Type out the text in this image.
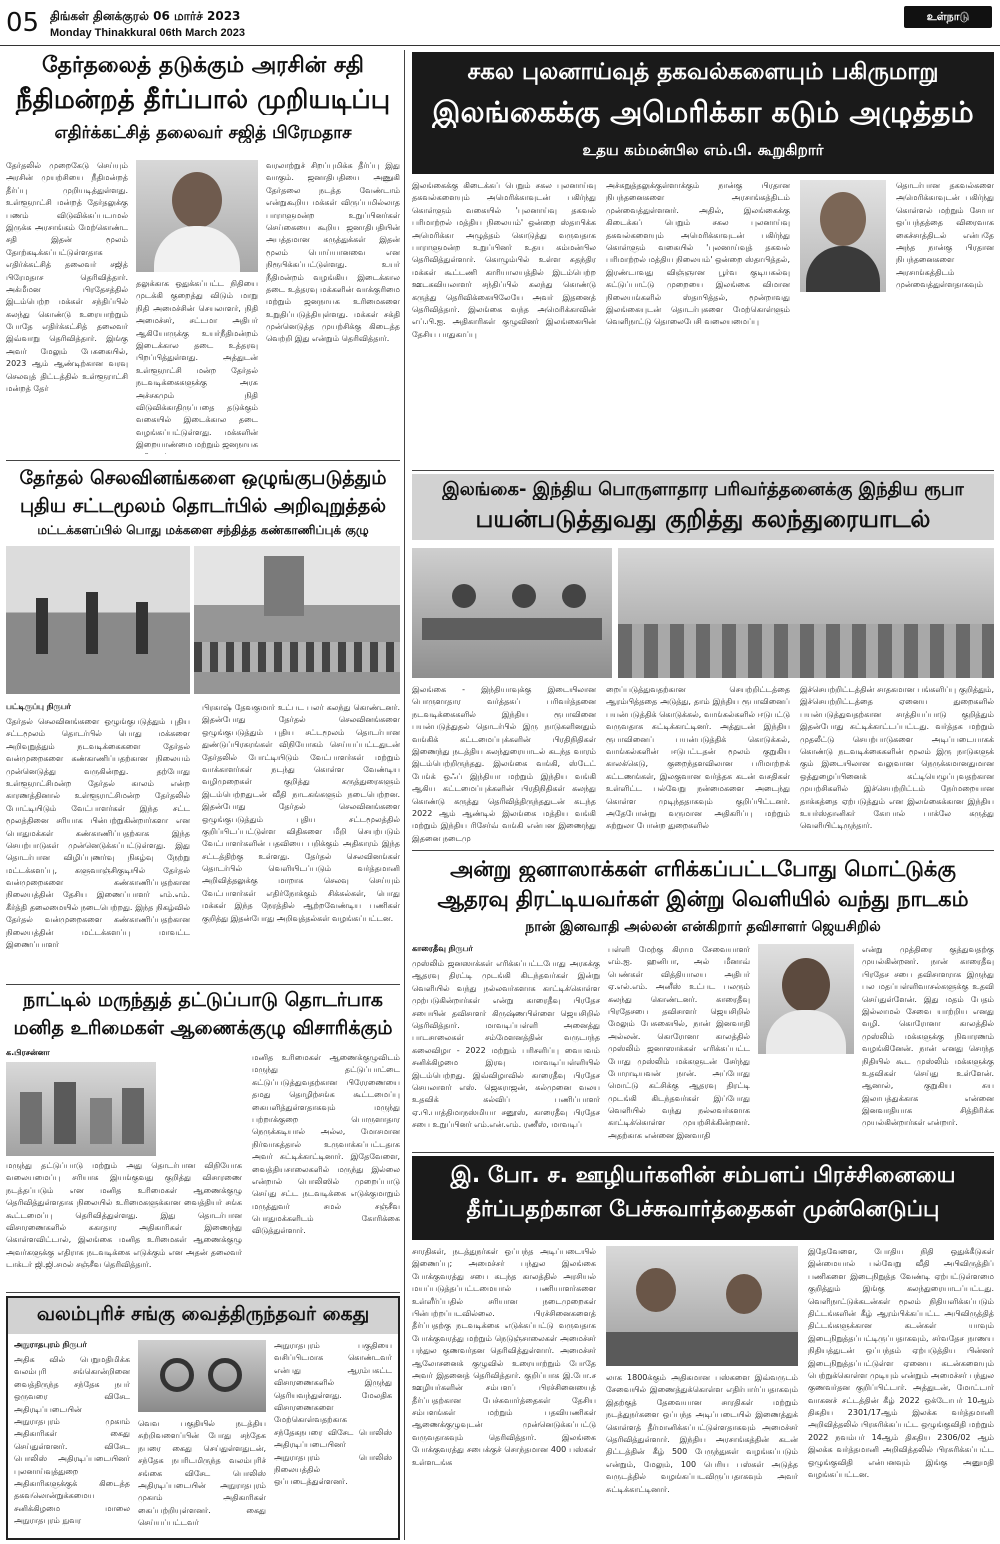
05 திங்கள் தினக்குரல் 06 மார்ச் 2023
Monday Thinakkural 06th March 2023
உள்நாடு
தேர்தலைத் தடுக்கும் அரசின் சதி
நீதிமன்றத் தீர்ப்பால் முறியடிப்பு
எதிர்க்கட்சித் தலைவர் சஜித் பிரேமதாச
தேர்தலில் முறைகேடு செய்யும் அரசின் முயற்சியை நீதிமன்றத் தீர்ப்பு முறியடித்துள்ளது. உள்ளூராட்சி மன்றத் தேர்தலுக்கு பணம் விடுவிக்கப்படாமல் இருக்க அரசாங்கம் மேற்கொண்ட சதி இதன் மூலம் தோற்கடிக்கப்பட்டுள்ளதாக எதிர்க்கட்சித் தலைவர் சஜித் பிரேமதாச தெரிவித்தார். அக்மீமன பிரதேசத்தில் இடம்பெற்ற மக்கள் சந்திப்பில் கலந்து கொண்டு உரையாற்றும் போதே எதிர்க்கட்சித் தலைவர் இவ்வாறு தெரிவித்தார். இங்கு அவர் மேலும் பேசுகையில், 2023 ஆம் ஆண்டிற்கான வரவு செலவுத் திட்டத்தில் உள்ளூராட்சி மன்றத் தேர்
தலுக்காக ஒதுக்கப்பட்ட நிதியை முடக்கி குறைத்து விடும் மாறு நிதி அமைச்சின் செயலாளர், நிதி அமைச்சர், சட்டமா அதிபர் ஆகியோருக்கு உயர்நீதிமன்றம் இடைக்கால தடை உத்தரவு பிறப்பித்துள்ளது. அத்துடன் உள்ளூராட்சி மன்ற தேர்தல் நடவடிக்கைகளுக்கு அரசு அச்சகமும் நிதி விடுவிக்காதிருப்பதை தடுக்கும் வகையில் இடைக்கால தடை வழங்கப்பட்டுள்ளது. மக்களின் இறையாண்மை மற்றும் ஜனநாயக
வரலாற்றுச் சிறப்புமிக்க தீர்ப்பு இது வாகும். ஜனாதிபதியை அணுகி தேர்தலை நடத்த வேண்டாம் என்றுகூறிய மக்கள் விருப்பமில்லாத பாராளுமன்ற உறுப்பினர்கள் செய்கையை கூறிய ஜனாதிபதியின் அபத்தமான கருத்துக்கள் இதன் மூலம் பொய்யானவை என நிரூபிக்கப்பட்டுள்ளது. உயர் நீதிமன்றம் வழங்கிய இடைக்கால தடை உத்தரவு மக்களின் வாக்குரிமை மற்றும் ஜனநாயக உரிமைகளை உறுதிப்படுத்தியுள்ளது. மக்கள் சக்தி முன்னெடுத்த முயற்சிக்கு கிடைத்த வெற்றி இது என்றும் தெரிவித்தார்.
சகல புலனாய்வுத் தகவல்களையும் பகிருமாறு
இலங்கைக்கு அமெரிக்கா கடும் அழுத்தம்
உதய கம்மன்பில எம்.பி. கூறுகிறார்
இலங்கைக்கு கிடைக்கப் பெறும் சகல புலனாய்வு தகவல்களையும் அமெரிக்காவுடன் பகிர்ந்து கொள்ளும் வகையில் 'புலனாய்வு தகவல் பரிமாற்றல் மத்திய நிலையம்' ஒன்றை ஸ்தாபிக்க அமெரிக்கா அழுத்தம் கொடுத்து வருவதாக பாராளுமன்ற உறுப்பினர் உதய கம்மன்பில தெரிவித்துள்ளார். கொழும்பில் உள்ள சுதந்திர மக்கள் கூட்டணி காரியாலயத்தில் இடம்பெற்ற ஊடகவியலாளர் சந்திப்பில் கலந்து கொண்டு கருத்து தெரிவிக்கையிலேயே அவர் இதனைத் தெரிவித்தார். இலங்கை வந்த அமெரிக்காவின் எப்.பி.ஐ. அதிகாரிகள் குழுவினர் இலங்கையின் தேசிய பாதுகாப்பு
அச்சுறுத்தலுக்குள்ளாக்கும் நான்கு பிரதான நிபந்தனைகளை அரசாங்கத்திடம் முன்வைத்துள்ளனர். அதில், இலங்கைக்கு கிடைக்கப் பெறும் சகல புலனாய்வு தகவல்களையும் அமெரிக்காவுடன் பகிர்ந்து கொள்ளும் வகையில் 'புலனாய்வுத் தகவல் பரிமாற்றல் மத்திய நிலையம்' ஒன்றை ஸ்தாபித்தல், இரண்டாவது விஞ்ஞான பூர்வ குடியகல்வு கட்டுப்பாட்டு முறையை இலங்கை விமான நிலையங்களில் ஸ்தாபித்தல், மூன்றாவது இலங்கையுடன் தொடர்புகளை மேற்கொள்ளும் வெளிநாட்டு தொலைபேசி வலையமைப்பு
தொடர்பான தகவல்களை அமெரிக்காவுடன் பகிர்ந்து கொள்ளல் மற்றும் சோபா ஒப்பந்தத்தை விரைவாக கைச்சாத்திடல் என்பதே அந்த நான்கு பிரதான நிபந்தனைகளை அரசாங்கத்திடம் முன்வைத்துள்ளதாகவும்
இலங்கை- இந்திய பொருளாதார பரிவர்த்தனைக்கு இந்திய ரூபா
பயன்படுத்துவது குறித்து கலந்துரையாடல்
இலங்கை - இந்தியாவுக்கு இடையிலான பொருளாதார வர்த்தகப் பரிவர்த்தனை நடவடிக்கைகளில் இந்திய ரூபாவினை பயன்படுத்துதல் தொடர்பில் இரு நாடுகளினதும் வங்கிக் கட்டமைப்புக்களின் பிரதிநிதிகள் இணைந்து நடத்திய கலந்துரையாடல் கடந்த வாரம் இடம்பெற்றிருந்தது. இலங்கை வங்கி, ஸ்டேட் பேங்க் ஒஃப் இந்தியா மற்றும் இந்திய வங்கி ஆகிய கட்டமைப்புக்களின் பிரதிநிதிகள் கலந்து கொண்டு கருத்து தெரிவித்திருந்ததுடன் கடந்த 2022 ஆம் ஆண்டில் இலங்கை மத்திய வங்கி மற்றும் இந்திய ரிசேர்வ் வங்கி என்பன இணைந்து இதனை நடைமு
றைப்படுத்துவதற்கான செயற்றிட்டத்தை ஆரம்பித்ததை அடுத்து, தாம் இந்திய ரூபாவினைப் பயன்படுத்திக் கொடுக்கல், வாங்கல்களில் ஈடுபட்டு வருவதாக சுட்டிக்காட்டினர். அத்துடன் இந்திய ரூபாவினைப் பயன்படுத்திக் கொடுக்கல், வாங்கல்களின் ஈடுபட்டதன் மூலம் குறுகிய காலக்கெடு, குறைந்தளவிலான பரிமாற்றக் கட்டணங்கள், இலகுவான வர்த்தக கடன் வசதிகள் உள்ளிட்ட பல்வேறு நன்மைகளை அடைந்து கொள்ள முடிந்ததாகவும் குறிப்பிட்டனர். அதேபோன்று வருமான அதிகரிப்பு மற்றும் சுற்றுலா போன்ற துறைகளில்
இச்செயற்றிட்டத்தின் சாதகமான பங்களிப்பு குறித்தும், இச்செயற்றிட்டத்தை ஏனைய துறைகளில் பயன்படுத்துவதற்கான சாத்தியப்பாடு குறித்தும் இதன்போது சுட்டிக்காட்டப்பட்டது. வர்த்தக மற்றும் முதலீட்டு செயற்பாடுகளை அடிப்படையாகக் கொண்டு நடவடிக்கைகளின் மூலம் இரு நாடுகளுக் கும் இடையிலான வலுவான நெருக்கமானதுமான ஒத்துழைப்பினைக் கட்டியெழுப்புவதற்கான முயற்சிகளில் இச்செயற்றிட்டம் நேர்மறையான தாக்கத்தை ஏற்படுத்தும் என இலங்கைக்கான இந்திய உயர்ஸ்தானிகர் கோபால் பாக்லே கருத்து வெளியிட்டிருந்தார்.
தேர்தல் செலவினங்களை ஒழுங்குபடுத்தும்
புதிய சட்டமூலம் தொடர்பில் அறிவுறுத்தல்
மட்டக்களப்பில் பொது மக்களை சந்தித்த கண்காணிப்புக் குழு
பட்டிருப்பு நிருபர்
தேர்தல் செலவினங்களை ஒழுங்குபடுத்தும் புதிய சட்டமூலம் தொடர்பில் பொது மக்களை அறிவுறுத்தும் நடவடிக்கைகளை தேர்தல் வன்முறைகளை கண்காணிப்பதற்கான நிலையம் முன்னெடுத்து வருகின்றது. தற்போது உள்ளூராட்சிமன்ற தேர்தல் காலம் என்ற காரணத்தினால் உள்ளூராட்சிமன்ற தேர்தலில் போட்டியிடும் வேட்பாளர்கள் இந்த சட்ட மூலத்தினை சரியாக பின்பற்றுகின்றார்களா என பொதுமக்கள் கண்காணிப்பதற்காக இந்த செயற்பாடுகள் முன்னெடுக்கப்பட்டுள்ளது. இது தொடர்பான விழிப்புணர்வு நிகழ்வு நேற்று மட்டக்களப்பு, களுவாஞ்சிகுடியில் தேர்தல் வன்முறைகளை கண்காணிப்பதற்கான நிலையத்தின் தேசிய இணைப்பாளர் எம்.எம். கீர்த்தி தலைமையில் நடைபெற்றது. இந்த நிகழ்வில் தேர்தல் வன்முறைகளை கண்காணிப்பதற்கான நிலையத்தின் மட்டக்களப்பு மாவட்ட இணைப்பாளர்
பிரகாஷ் தேவகுமார் உட்பட பலர் கலந்து கொண்டனர். இதன்போது தேர்தல் செலவினங்களை ஒழுங்குபடுத்தும் புதிய சட்டமூலம் தொடர்பான துண்டுப்பிரசுரங்கள் விநியோகம் செய்யப்பட்டதுடன் தேர்தலில் போட்டியிடும் வேட்பாளர்கள் மற்றும் வாக்காளர்கள் நடந்து கொள்ள வேண்டிய வழிமுறைகள் குறித்து கருத்துரைகளும் இடம்பெற்றதுடன் வீதி நாடகங்களும் நடைபெற்றன. இதன்போது தேர்தல் செலவினங்களை ஒழுங்குபடுத்தும் புதிய சட்டமூலத்தில் குறிப்பிடப்பட்டுள்ள விதிகளை மீறி செயற்படும் வேட்பாளர்களின் பதவியை பறிக்கும் அதிகாரம் இந்த சட்டத்திற்கு உள்ளது. தேர்தல் செலவினங்கள் தொடர்பில் வெளியிடப்படும் வர்த்தமானி அறிவித்தலுக்கு மாறாக செலவு செய்யும் வேட்பாளர்கள் எதிர்நோக்கும் சிக்கல்கள், பொது மக்கள் இந்த நேரத்தில் ஆற்றவேண்டிய பணிகள் குறித்து இதன்போது அறிவுத்தல்கள் வழங்கப்பட்டன.
நாட்டில் மருந்துத் தட்டுப்பாடு தொடர்பாக
மனித உரிமைகள் ஆணைக்குழு விசாரிக்கும்
க.பிரசன்னா
மருந்து தட்டுப்பாடு மற்றும் அது தொடர்பான விநியோக வலையமைப்பு சரியாக இயங்குவது குறித்து விசாரணை நடத்தப்படும் என மனித உரிமைகள் ஆணைக்குழு தெரிவித்துள்ளதாக நிலையில் உரிமைகளுக்கான வைத்தியர் சங்க கூட்டமைப்பு தெரிவித்துள்ளது. இது தொடர்பான விசாரணைகளில் சுகாதார அதிகாரிகள் இணைந்து கொள்ளவிட்டால், இலங்கை மனித உரிமைகள் ஆணைக்குழு அவர்களுக்கு எதிராக நடவடிக்கை எடுக்கும் என அதன் தலைவர் டாக்டர் ஜி.ஜி.சமல் சஞ்சீவ தெரிவித்தார்.
மனித உரிமைகள் ஆணைக்குழுவிடம் மருந்து தட்டுப்பாட்டை கட்டுப்படுத்துவதற்கான பிரேரணையை தமது தொழிற்சங்க கூட்டமைப்பு கையளித்துள்ளதாகவும் மருந்து பற்றாக்குறை பொருளாதார நெருக்கடியால் அல்ல, மோசமான நிர்வாகத்தால் உருவாக்கப்பட்டதாக அவர் சுட்டிக்காட்டினார். இதேவேளை, வைத்தியசாலைகளில் மருந்து இல்லை என்றால் பொலிஸில் முறைப்பாடு செய்து சட்ட நடவடிக்கை எடுக்குமாறும் மருத்துவர் சமல் சஞ்சீவ பொதுமக்களிடம் கோரிக்கை விடுத்துள்ளார்.
வலம்புரிச் சங்கு வைத்திருந்தவர் கைது
அநுராதபுரம் நிருபர்
அதிக வில் பெறுமதிமிக்க வலம்புரி சங்கொன்றினை வைத்திருந்த சந்தேக நபர் ஒருவரை விசேட அதிரடிப்படையின் அநுராதபுரம் முகாம் அதிகாரிகள் கைது செய்துள்ளனர். விசேட பொலிஸ் அதிரடிப்படையினர் புலனாய்வுத்துறை அதிகாரிகளுக்குக் கிடைத்த தகவலொன்றுக்கமைய சனிக்கிழமை மாலை அநுராதபுரம் நுவர
வெவ பகுதியில் நடத்திய சுற்றிவளைப்பின் போது சந்தேக நபரை கைது செய்துள்ளதுடன், சந்தேக நபரிடமிருந்த வலம்புரிச் சங்கை விசேட பொலிஸ் அதிரடிப்படையின் அநுராதபுரம் முகாம் அதிகாரிகள் கைப்பற்றியுள்ளனர். கைது செய்யப்பட்டவர்
அநுராதபுரம் பகுதியை வசிப்பிடமாக கொண்டவர் என்பது ஆரம்பகட்ட விசாரணைகளில் இருந்து தெரியவந்துள்ளது. மேலதிக விசாரணைகளை மேற்கொள்வதற்காக சந்தேகநபரை விசேட பொலிஸ் அதிரடிப்படையினர் அநுராதபுரம் பொலிஸ் நிலையத்தில் ஒப்படைத்துள்ளனர்.
அன்று ஜனாஸாக்கள் எரிக்கப்பட்டபோது மொட்டுக்கு
ஆதரவு திரட்டியவர்கள் இன்று வெளியில் வந்து நாடகம்
நான் இனவாதி அல்லன் என்கிறார் தவிசாளர் ஜெயசிறில்
காரைதீவு நிருபர்
முஸ்லிம் ஜனஸாக்கள் எரிக்கப்பட்டபோது அரசுக்கு ஆதரவு திரட்டி முடங்கி கிடந்தவர்கள் இன்று வெளியில் வந்து நல்லவர்களாக காட்டிக்கொள்ள முற்படுகின்றார்கள் என்று காரைதீவு பிரதேச சபையின் தவிசாளர் கிருஷ்ணபிள்ளை ஜெயசிறில் தெரிவித்தார். மாவடிப்பள்ளி அனைத்து பாடசாலைகள் சம்மேளனத்தின் வருடாந்த கலைவிழா - 2022 மற்றும் பரிசளிப்பு வைபவம் சனிக்கிழமை இரவு மாவடிப்பள்ளியில் இடம்பெற்றது. இவ்விழாவில் காரைதீவு பிரதேச செயலாளர் எஸ். ஜெகராஜன், கல்முனை வலய உதவிக் கல்விப் பணிப்பாளர் ஏ.பி.பாத்திமாநஸ்மியா சனூஸ், காரைதீவு பிரதேச சபை உறுப்பினர் எம்.என்.எம். ரணீஸ், மாவடிப்
பள்ளி மேற்கு கிராம சேவையாளர் எம்.ஐ. ஹனிபா, அல் மீனாவ் பெண்கள் வித்தியாலய அதிபர் ஏ.எல்.எம். அனீஸ் உட்பட பலரும் கலந்து கொண்டனர். காரைதீவு பிரதேசபை தவிசாளர் ஜெயசிறில் மேலும் பேசுகையில், நான் இனவாதி அல்லன். கொரோனா காலத்தில் முஸ்லிம் ஜனாஸாக்கள் எரிக்கப்பட்ட போது முஸ்லிம் மக்களுடன் சேர்ந்து போராடியவன் நான். அப்போது மொட்டு கட்சிக்கு ஆதரவு திரட்டி முடங்கி கிடந்தவர்கள் இப்போது வெளியில் வந்து நல்லவர்களாக காட்டிக்கொள்ள முயற்சிக்கின்றனர். அதற்காக என்னை இனவாதி
என்று முத்திரை குத்துவதற்கு முயல்கின்றனர். நான் காரைதீவு பிரதேச சபை தவிசாளராக இருந்து பல மதப்பள்ளிவாசல்களுக்கு உதவி செய்துள்ளேன். இது மதம் பேதம் இல்லாமல் சேவை யாற்றிய எனது வழி. கொரோனா காலத்தில் முஸ்லிம் மக்களுக்கு நிவாரணம் வழங்கினேன். நான் எனது சொந்த நிதியில் கூட முஸ்லிம் மக்களுக்கு உதவிகள் செய்து உள்ளேன். ஆனால், குறுகிய சுய இலாபத்துக்காக என்னை இனவாதியாக சித்திரிக்க முயல்கின்றார்கள் என்றார்.
இ. போ. ச. ஊழியர்களின் சம்பளப் பிரச்சினையை
தீர்ப்பதற்கான பேச்சுவார்த்தைகள் முன்னெடுப்பு
சாரதிகள், நடத்துநர்கள் ஒப்பந்த அடிப்படையில் இணைப்பு; அமைச்சர் பந்துல இலங்கை போக்குவரத்து சபை கடந்த காலத்தில் அரசியல் மயப்படுத்தப்பட்டமையால் பணியாளர்களை உள்ளீர்ப்பதில் சரியான நடைமுறைகள் பின்பற்றப்படவில்லை. பிரச்சினைகளைத் தீர்ப்பதற்கு நடவடிக்கை எடுக்கப்பட்டு வருவதாக போக்குவரத்து மற்றும் நெடுஞ்சாலைகள் அமைச்சர் பந்துல குணவர்தன தெரிவித்துள்ளார். அமைச்சர் ஆலோசனைக் குழுவில் உரையாற்றும் போதே அவர் இதனைத் தெரிவித்தார். குறிப்பாக இ.போ.ச ஊழியர்களின் சம்பளப் பிரச்சினையைத் தீர்ப்பதற்கான பேச்சுவார்த்தைகள் தேசிய சம்பளங்கள் மற்றும் பதவியணிகள் ஆணைக்குழுவுடன் முன்னெடுக்கப்பட்டு வருவதாகவும் தெரிவித்தார். இலங்கை போக்குவரத்து சபைக்குச் சொந்தமான 400 பஸ்கள் உள்ளடங்க
லாக 1800க்கும் அதிகமான பஸ்களை இவ்வருடம் சேவையில் இணைத்துக்கொள்ள எதிர்பார்ப்பதாகவும் இதற்குத் தேவையான சாரதிகள் மற்றும் நடத்துநர்களை ஒப்பந்த அடிப்படையில் இணைத்துக் கொள்ளத் தீர்மானிக்கப்பட்டுள்ளதாகவும் அமைச்சர் தெரிவித்துள்ளார். இந்திய அரசாங்கத்தின் கடன் திட்டத்தின் கீழ் 500 பேருந்துகள் வழங்கப்படும் என்றும், மேலும், 100 பெரிய பஸ்கள் அடுத்த வருடத்தில் வழங்கப்படவிருப்பதாகவும் அவர் சுட்டிக்காட்டினார்.
இதேவேளை, போதிய நிதி ஒதுக்கீடுகள் இன்மையால் பல்வேறு வீதி அபிவிருத்திப் பணிகளை இடைநிறுத்த வேண்டி ஏற்பட்டுள்ளமை குறித்தும் இங்கு கலந்துரையாடப்பட்டது. வெளிநாட்டுக்கடன்கள் மூலம் நிதியளிக்கப்படும் திட்டங்களின் கீழ் ஆரம்பிக்கப்பட்ட அபிவிருத்தித் திட்டங்களுக்கான கடன்கள் யாவும் இடைநிறுத்தப்பட்டிருப்பதாகவும், சர்வதேச நாணய நிதியத்துடன் ஒப்பந்தம் ஏற்படுத்திய பின்னர் இடைநிறுத்தப்பட்டுள்ள ஏனைய கடன்களையும் பெற்றுக்கொள்ள முடியும் என்றும் அமைச்சர் பந்துல குணவர்தன குறிப்பிட்டார். அத்துடன், மோட்டார் வாகனச் சட்டத்தின் கீழ் 2022 ஒக்டோபர் 10ஆம் திகதிய 2301/17ஆம் இலக்க வர்த்தமானி அறிவித்தலில் பிரசுரிக்கப்பட்ட ஒழுங்குவிதி மற்றும் 2022 நவம்பர் 14ஆம் திகதிய 2306/02 ஆம் இலக்க வர்த்தமானி அறிவித்தலில் பிரசுரிக்கப்பட்ட ஒழுங்குவிதி என்பனவும் இங்கு அனுமதி வழங்கப்பட்டன.
